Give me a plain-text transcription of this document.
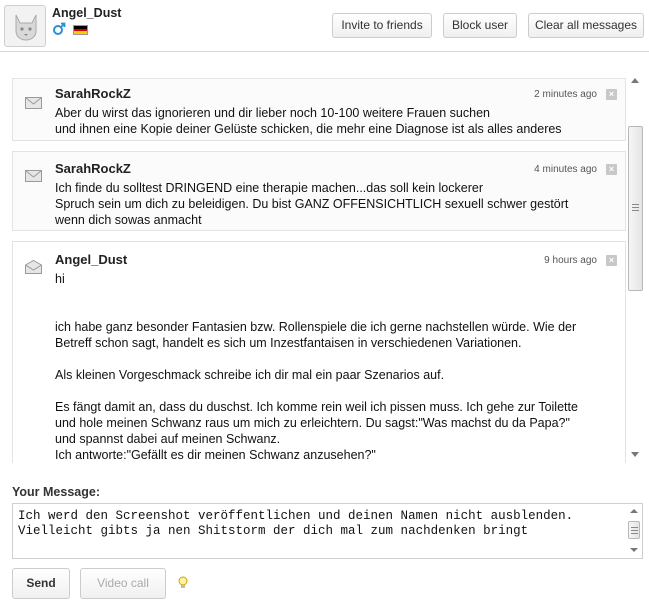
Angel_Dust
Invite to friends	Block user	Clear all messages
SarahRockZ	2 minutes ago	×
Aber du wirst das ignorieren und dir lieber noch 10-100 weitere Frauen suchen
und ihnen eine Kopie deiner Gelüste schicken, die mehr eine Diagnose ist als alles anderes
SarahRockZ	4 minutes ago	×
Ich finde du solltest DRINGEND eine therapie machen...das soll kein lockerer
Spruch sein um dich zu beleidigen. Du bist GANZ OFFENSICHTLICH sexuell schwer gestört
wenn dich sowas anmacht
Angel_Dust	9 hours ago	×
hi

ich habe ganz besonder Fantasien bzw. Rollenspiele die ich gerne nachstellen würde. Wie der
Betreff schon sagt, handelt es sich um Inzestfantaisen in verschiedenen Variationen.

Als kleinen Vorgeschmack schreibe ich dir mal ein paar Szenarios auf.

Es fängt damit an, dass du duschst. Ich komme rein weil ich pissen muss. Ich gehe zur Toilette
und hole meinen Schwanz raus um mich zu erleichtern. Du sagst:"Was machst du da Papa?"
und spannst dabei auf meinen Schwanz.
Ich antworte:"Gefällt es dir meinen Schwanz anzusehen?"
Your Message:
Ich werd den Screenshot veröffentlichen und deinen Namen nicht ausblenden. Vielleicht gibts ja nen Shitstorm der dich mal zum nachdenken bringt
Send	Video call
